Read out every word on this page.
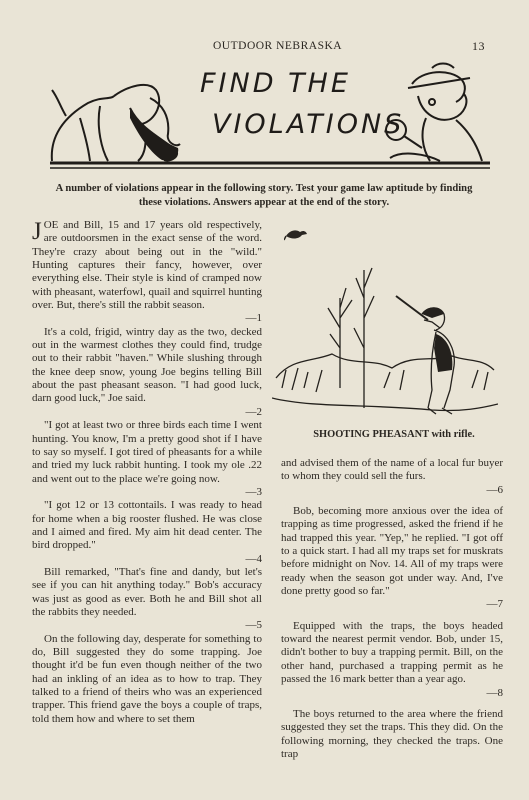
OUTDOOR NEBRASKA	13
FIND THE
VIOLATIONS
A number of violations appear in the following story. Test your game law aptitude by finding these violations. Answers appear at the end of the story.

JOE and Bill, 15 and 17 years old respectively, are outdoorsmen in the exact sense of the word. They're crazy about being out in the "wild." Hunting captures their fancy, however, over everything else. Their style is kind of cramped now with pheasant, waterfowl, quail and squirrel hunting over. But, there's still the rabbit season.
—1

It's a cold, frigid, wintry day as the two, decked out in the warmest clothes they could find, trudge out to their rabbit "haven." While slushing through the knee deep snow, young Joe begins telling Bill about the past pheasant season. "I had good luck, darn good luck," Joe said.
—2

"I got at least two or three birds each time I went hunting. You know, I'm a pretty good shot if I have to say so myself. I got tired of pheasants for a while and tried my luck rabbit hunting. I took my ole .22 and went out to the place we're going now.
—3

"I got 12 or 13 cottontails. I was ready to head for home when a big rooster flushed. He was close and I aimed and fired. My aim hit dead center. The bird dropped."
—4

Bill remarked, "That's fine and dandy, but let's see if you can hit anything today." Bob's accuracy was just as good as ever. Both he and Bill shot all the rabbits they needed.
—5

On the following day, desperate for something to do, Bill suggested they do some trapping. Joe thought it'd be fun even though neither of the two had an inkling of an idea as to how to trap. They talked to a friend of theirs who was an experienced trapper. This friend gave the boys a couple of traps, told them how and where to set them

SHOOTING PHEASANT with rifle.

and advised them of the name of a local fur buyer to whom they could sell the furs.
—6

Bob, becoming more anxious over the idea of trapping as time progressed, asked the friend if he had trapped this year. "Yep," he replied. "I got off to a quick start. I had all my traps set for muskrats before midnight on Nov. 14. All of my traps were ready when the season got under way. And, I've done pretty good so far."
—7

Equipped with the traps, the boys headed toward the nearest permit vendor. Bob, under 15, didn't bother to buy a trapping permit. Bill, on the other hand, purchased a trapping permit as he passed the 16 mark better than a year ago.
—8

The boys returned to the area where the friend suggested they set the traps. This they did. On the following morning, they checked the traps. One trap
